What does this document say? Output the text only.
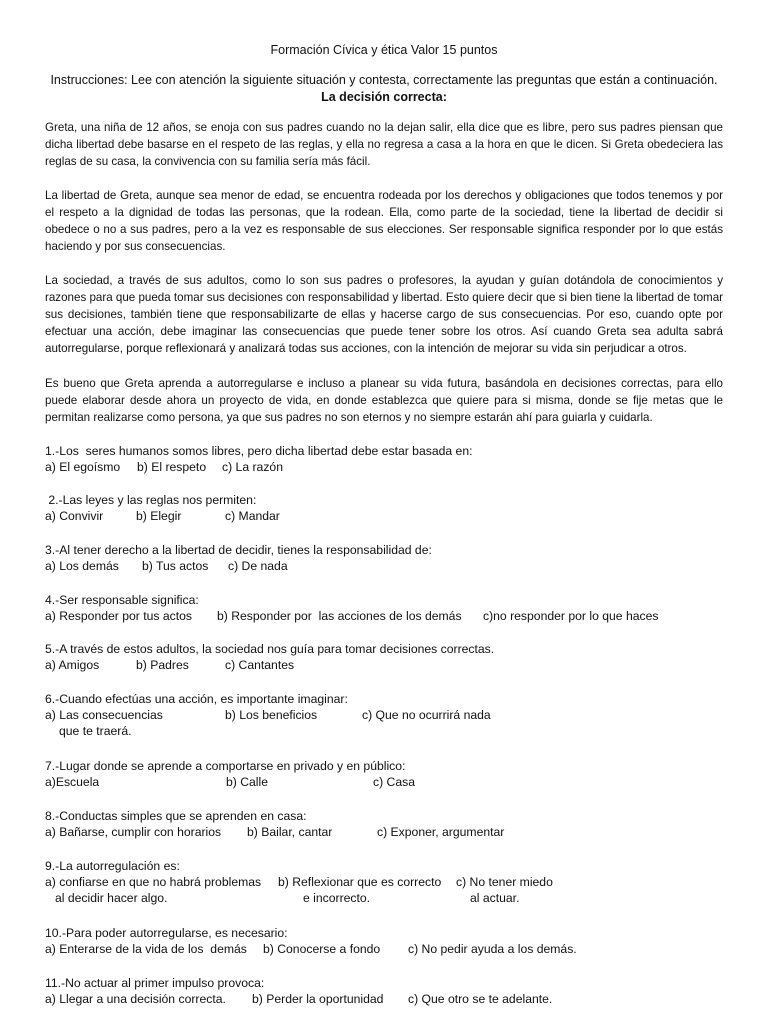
Formación Cívica y ética Valor 15 puntos
Instrucciones: Lee con atención la siguiente situación y contesta, correctamente las preguntas que están a continuación.
La decisión correcta:

Greta, una niña de 12 años, se enoja con sus padres cuando no la dejan salir, ella dice que es libre, pero sus padres piensan que dicha libertad debe basarse en el respeto de las reglas, y ella no regresa a casa a la hora en que le dicen. Si Greta obedeciera las reglas de su casa, la convivencia con su familia sería más fácil.

La libertad de Greta, aunque sea menor de edad, se encuentra rodeada por los derechos y obligaciones que todos tenemos y por el respeto a la dignidad de todas las personas, que la rodean. Ella, como parte de la sociedad, tiene la libertad de decidir si obedece o no a sus padres, pero a la vez es responsable de sus elecciones. Ser responsable significa responder por lo que estás haciendo y por sus consecuencias.

La sociedad, a través de sus adultos, como lo son sus padres o profesores, la ayudan y guían dotándola de conocimientos y razones para que pueda tomar sus decisiones con responsabilidad y libertad. Esto quiere decir que si bien tiene la libertad de tomar sus decisiones, también tiene que responsabilizarte de ellas y hacerse cargo de sus consecuencias. Por eso, cuando opte por efectuar una acción, debe imaginar las consecuencias que puede tener sobre los otros. Así cuando Greta sea adulta sabrá autorregularse, porque reflexionará y analizará todas sus acciones, con la intención de mejorar su vida sin perjudicar a otros.

Es bueno que Greta aprenda a autorregularse e incluso a planear su vida futura, basándola en decisiones correctas, para ello puede elaborar desde ahora un proyecto de vida, en donde establezca que quiere para si misma, donde se fije metas que le permitan realizarse como persona, ya que sus padres no son eternos y no siempre estarán ahí para guiarla y cuidarla.

1.-Los  seres humanos somos libres, pero dicha libertad debe estar basada en:
a) El egoísmo b) El respeto c) La razón
2.-Las leyes y las reglas nos permiten:
a) Convivir	b) Elegir	c) Mandar
3.-Al tener derecho a la libertad de decidir, tienes la responsabilidad de:
a) Los demás b) Tus actos c) De nada
4.-Ser responsable significa:
a) Responder por tus actos b) Responder por  las acciones de los demás c)no responder por lo que haces
5.-A través de estos adultos, la sociedad nos guía para tomar decisiones correctas.
a) Amigos	b) Padres	c) Cantantes
6.-Cuando efectúas una acción, es importante imaginar:
a) Las consecuencias	b) Los beneficios	c) Que no ocurrirá nada
que te traerá.
7.-Lugar donde se aprende a comportarse en privado y en público:
a)Escuela	b) Calle	c) Casa
8.-Conductas simples que se aprenden en casa:
a) Bañarse, cumplir con horarios b) Bailar, cantar	c) Exponer, argumentar
9.-La autorregulación es:
a) confiarse en que no habrá problemas b) Reflexionar que es correcto c) No tener miedo
al decidir hacer algo.	e incorrecto.	al actuar.
10.-Para poder autorregularse, es necesario:
a) Enterarse de la vida de los  demás b) Conocerse a fondo c) No pedir ayuda a los demás.
11.-No actuar al primer impulso provoca:
a) Llegar a una decisión correcta. b) Perder la oportunidad c) Que otro se te adelante.
